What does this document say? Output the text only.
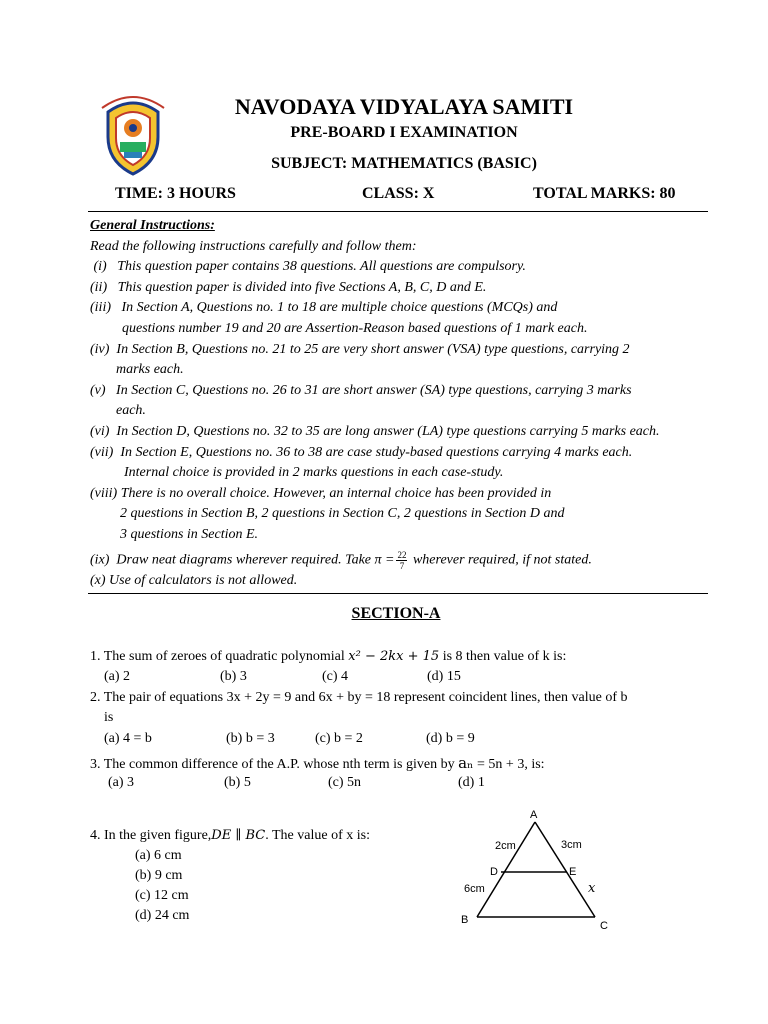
NAVODAYA VIDYALAYA SAMITI
PRE-BOARD I EXAMINATION
SUBJECT: MATHEMATICS (BASIC)
TIME: 3 HOURS	CLASS: X	TOTAL MARKS: 80
General Instructions:
Read the following instructions carefully and follow them:
(i)   This question paper contains 38 questions. All questions are compulsory.
(ii)   This question paper is divided into five Sections A, B, C, D and E.
(iii)   In Section A, Questions no. 1 to 18 are multiple choice questions (MCQs) and
questions number 19 and 20 are Assertion-Reason based questions of 1 mark each.
(iv)  In Section B, Questions no. 21 to 25 are very short answer (VSA) type questions, carrying 2
marks each.
(v)   In Section C, Questions no. 26 to 31 are short answer (SA) type questions, carrying 3 marks
each.
(vi)  In Section D, Questions no. 32 to 35 are long answer (LA) type questions carrying 5 marks each.
(vii)  In Section E, Questions no. 36 to 38 are case study-based questions carrying 4 marks each.
Internal choice is provided in 2 marks questions in each case-study.
(viii) There is no overall choice. However, an internal choice has been provided in
2 questions in Section B, 2 questions in Section C, 2 questions in Section D and
3 questions in Section E.
(ix)  Draw neat diagrams wherever required. Take $\pi = \frac{22}{7}$ wherever required, if not stated.
(x) Use of calculators is not allowed.
SECTION-A
1. The sum of zeroes of quadratic polynomial x² − 2kx + 15 is 8 then value of k is:
(a) 2	(b) 3	(c) 4	(d) 15
2. The pair of equations 3x + 2y = 9 and 6x + by = 18 represent coincident lines, then value of b
is
(a) 4 = b	(b) b = 3	(c) b = 2	(d) b = 9
3. The common difference of the A.P. whose nth term is given by aₙ = 5n + 3, is:
(a) 3	(b) 5	(c) 5n	(d) 1
4. In the given figure,DE ∥ BC. The value of x is:
(a) 6 cm
(b) 9 cm
(c) 12 cm
(d) 24 cm
A
B	C
D	E
2cm	3cm
6cm	x
